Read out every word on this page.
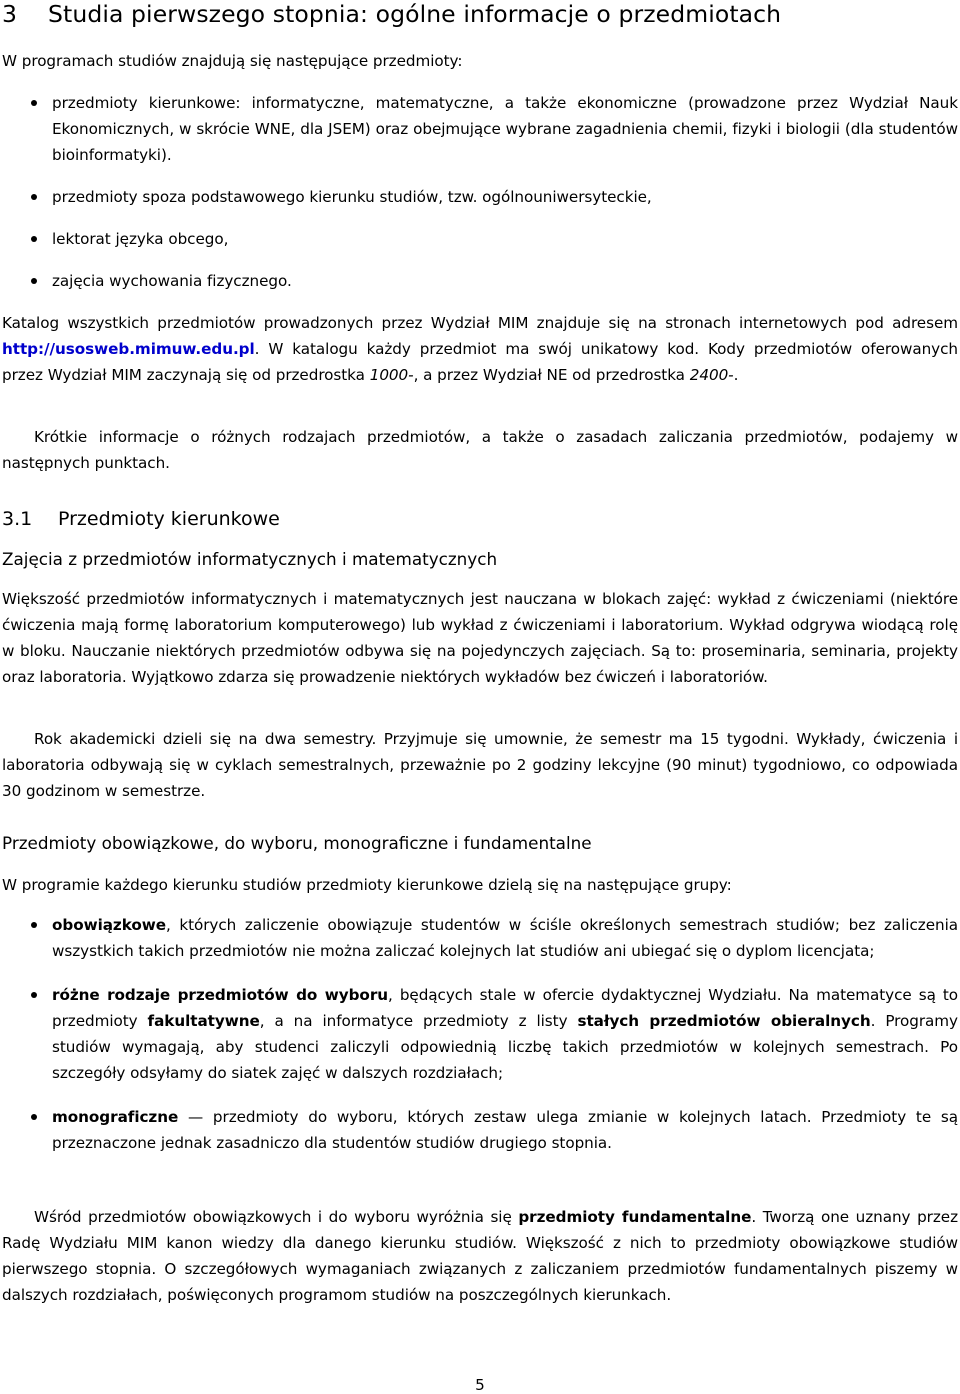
3 Studia pierwszego stopnia: ogólne informacje o przedmiotach

W programach studiów znajdują się następujące przedmioty:

przedmioty kierunkowe: informatyczne, matematyczne, a także ekonomiczne (prowadzone przez Wydział Nauk Ekonomicznych, w skrócie WNE, dla JSEM) oraz obejmujące wybrane zagadnienia chemii, fizyki i biologii (dla studentów bioinformatyki).
przedmioty spoza podstawowego kierunku studiów, tzw. ogólnouniwersyteckie,
lektorat języka obcego,
zajęcia wychowania fizycznego.

Katalog wszystkich przedmiotów prowadzonych przez Wydział MIM znajduje się na stronach internetowych pod adresem http://usosweb.mimuw.edu.pl. W katalogu każdy przedmiot ma swój unikatowy kod. Kody przedmiotów oferowanych przez Wydział MIM zaczynają się od przedrostka 1000-, a przez Wydział NE od przedrostka 2400-.

Krótkie informacje o różnych rodzajach przedmiotów, a także o zasadach zaliczania przedmiotów, podajemy w następnych punktach.

3.1 Przedmioty kierunkowe
Zajęcia z przedmiotów informatycznych i matematycznych

Większość przedmiotów informatycznych i matematycznych jest nauczana w blokach zajęć: wykład z ćwiczeniami (niektóre ćwiczenia mają formę laboratorium komputerowego) lub wykład z ćwiczeniami i laboratorium. Wykład odgrywa wiodącą rolę w bloku. Nauczanie niektórych przedmiotów odbywa się na pojedynczych zajęciach. Są to: proseminaria, seminaria, projekty oraz laboratoria. Wyjątkowo zdarza się prowadzenie niektórych wykładów bez ćwiczeń i laboratoriów.

Rok akademicki dzieli się na dwa semestry. Przyjmuje się umownie, że semestr ma 15 tygodni. Wykłady, ćwiczenia i laboratoria odbywają się w cyklach semestralnych, przeważnie po 2 godziny lekcyjne (90 minut) tygodniowo, co odpowiada 30 godzinom w semestrze.

Przedmioty obowiązkowe, do wyboru, monograficzne i fundamentalne

W programie każdego kierunku studiów przedmioty kierunkowe dzielą się na następujące grupy:

obowiązkowe, których zaliczenie obowiązuje studentów w ściśle określonych semestrach studiów; bez zaliczenia wszystkich takich przedmiotów nie można zaliczać kolejnych lat studiów ani ubiegać się o dyplom licencjata;
różne rodzaje przedmiotów do wyboru, będących stale w ofercie dydaktycznej Wydziału. Na matematyce są to przedmioty fakultatywne, a na informatyce przedmioty z listy stałych przedmiotów obieralnych. Programy studiów wymagają, aby studenci zaliczyli odpowiednią liczbę takich przedmiotów w kolejnych semestrach. Po szczegóły odsyłamy do siatek zajęć w dalszych rozdziałach;
monograficzne — przedmioty do wyboru, których zestaw ulega zmianie w kolejnych latach. Przedmioty te są przeznaczone jednak zasadniczo dla studentów studiów drugiego stopnia.

Wśród przedmiotów obowiązkowych i do wyboru wyróżnia się przedmioty fundamentalne. Tworzą one uznany przez Radę Wydziału MIM kanon wiedzy dla danego kierunku studiów. Większość z nich to przedmioty obowiązkowe studiów pierwszego stopnia. O szczegółowych wymaganiach związanych z zaliczaniem przedmiotów fundamentalnych piszemy w dalszych rozdziałach, poświęconych programom studiów na poszczególnych kierunkach.

5
